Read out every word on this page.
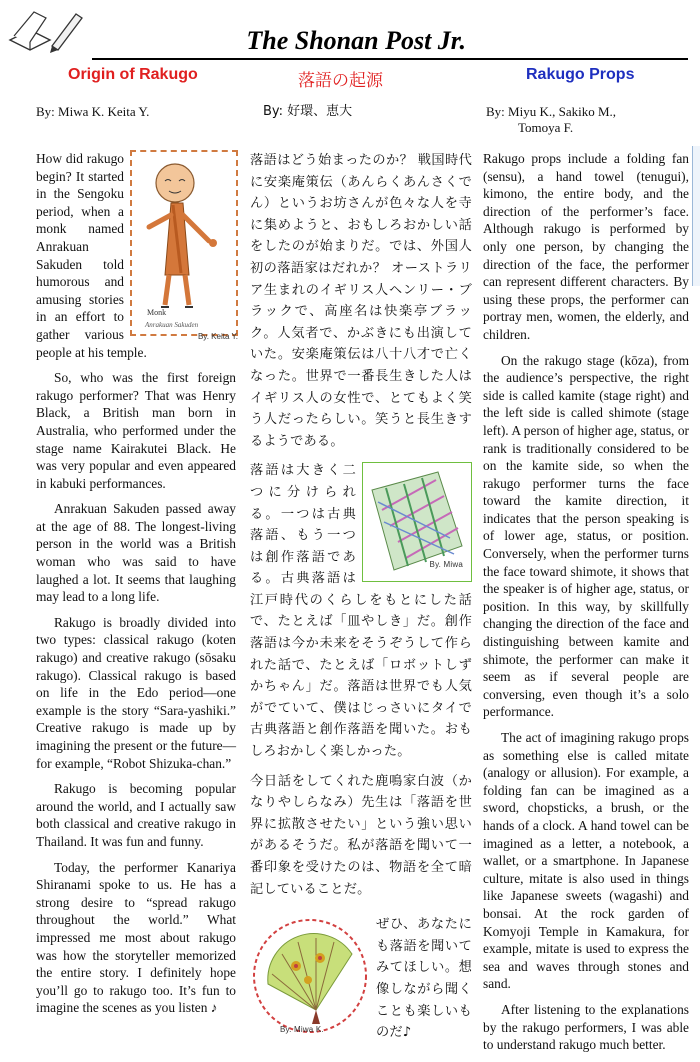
The Shonan Post Jr.
Origin of Rakugo	落語の起源	Rakugo Props
By: Miwa K. Keita Y.	By: 好環、恵大	By: Miyu K., Sakiko M.,
Tomoya F.
Monk
Anrakuan Sakuden
By. Keita Y.

How did rakugo begin? It started in the Sengoku period, when a monk named Anrakuan Sakuden told humorous and amusing stories in an effort to gather various people at his temple.

So, who was the first foreign rakugo performer? That was Henry Black, a British man born in Australia, who performed under the stage name Kairakutei Black. He was very popular and even appeared in kabuki performances.

Anrakuan Sakuden passed away at the age of 88. The longest-living person in the world was a British woman who was said to have laughed a lot. It seems that laughing may lead to a long life.

Rakugo is broadly divided into two types: classical rakugo (koten rakugo) and creative rakugo (sōsaku rakugo). Classical rakugo is based on life in the Edo period—one example is the story “Sara-yashiki.” Creative rakugo is made up by imagining the present or the future—for example, “Robot Shizuka-chan.”

Rakugo is becoming popular around the world, and I actually saw both classical and creative rakugo in Thailand. It was fun and funny.

Today, the performer Kanariya Shiranami spoke to us. He has a strong desire to “spread rakugo throughout the world.” What impressed me most about rakugo was how the storyteller memorized the entire story. I definitely hope you’ll go to rakugo too. It’s fun to imagine the scenes as you listen ♪

落語はどう始まったのか？ 戦国時代に安楽庵策伝（あんらくあんさくでん）というお坊さんが色々な人を寺に集めようと、おもしろおかしい話をしたのが始まりだ。では、外国人初の落語家はだれか？ オーストラリア生まれのイギリス人ヘンリー・ブラックで、高座名は快楽亭ブラック。人気者で、かぶきにも出演していた。安楽庵策伝は八十八才で亡くなった。世界で一番長生きした人はイギリス人の女性で、とてもよく笑う人だったらしい。笑うと長生きするようである。

By. Miwa

落語は大きく二つに分けられる。一つは古典落語、もう一つは創作落語である。古典落語は江戸時代のくらしをもとにした話で、たとえば「皿やしき」だ。創作落語は今か未来をそうぞうして作られた話で、たとえば「ロボットしずかちゃん」だ。落語は世界でも人気がでていて、僕はじっさいにタイで古典落語と創作落語を聞いた。おもしろおかしく楽しかった。

今日話をしてくれた鹿鳴家白波（かなりやしらなみ）先生は「落語を世界に拡散させたい」という強い思いがあるそうだ。私が落語を聞いて一番印象を受けたのは、物語を全て暗記していることだ。

By. Miwa K.

ぜひ、あなたにも落語を聞いてみてほしい。想像しながら聞くことも楽しいものだ♪

Rakugo props include a folding fan (sensu), a hand towel (tenugui), kimono, the entire body, and the direction of the performer’s face. Although rakugo is performed by only one person, by changing the direction of the face, the performer can represent different characters. By using these props, the performer can portray men, women, the elderly, and children.

On the rakugo stage (kōza), from the audience’s perspective, the right side is called kamite (stage right) and the left side is called shimote (stage left). A person of higher age, status, or rank is traditionally considered to be on the kamite side, so when the rakugo performer turns the face toward the kamite direction, it indicates that the person speaking is of lower age, status, or position. Conversely, when the performer turns the face toward shimote, it shows that the speaker is of higher age, status, or position. In this way, by skillfully changing the direction of the face and distinguishing between kamite and shimote, the performer can make it seem as if several people are conversing, even though it’s a solo performance.

The act of imagining rakugo props as something else is called mitate (analogy or allusion). For example, a folding fan can be imagined as a sword, chopsticks, a brush, or the hands of a clock. A hand towel can be imagined as a letter, a notebook, a wallet, or a smartphone. In Japanese culture, mitate is also used in things like Japanese sweets (wagashi) and bonsai. At the rock garden of Komyoji Temple in Kamakura, for example, mitate is used to express the sea and waves through stones and sand.

After listening to the explanations by the rakugo performers, I was able to understand rakugo much better.
